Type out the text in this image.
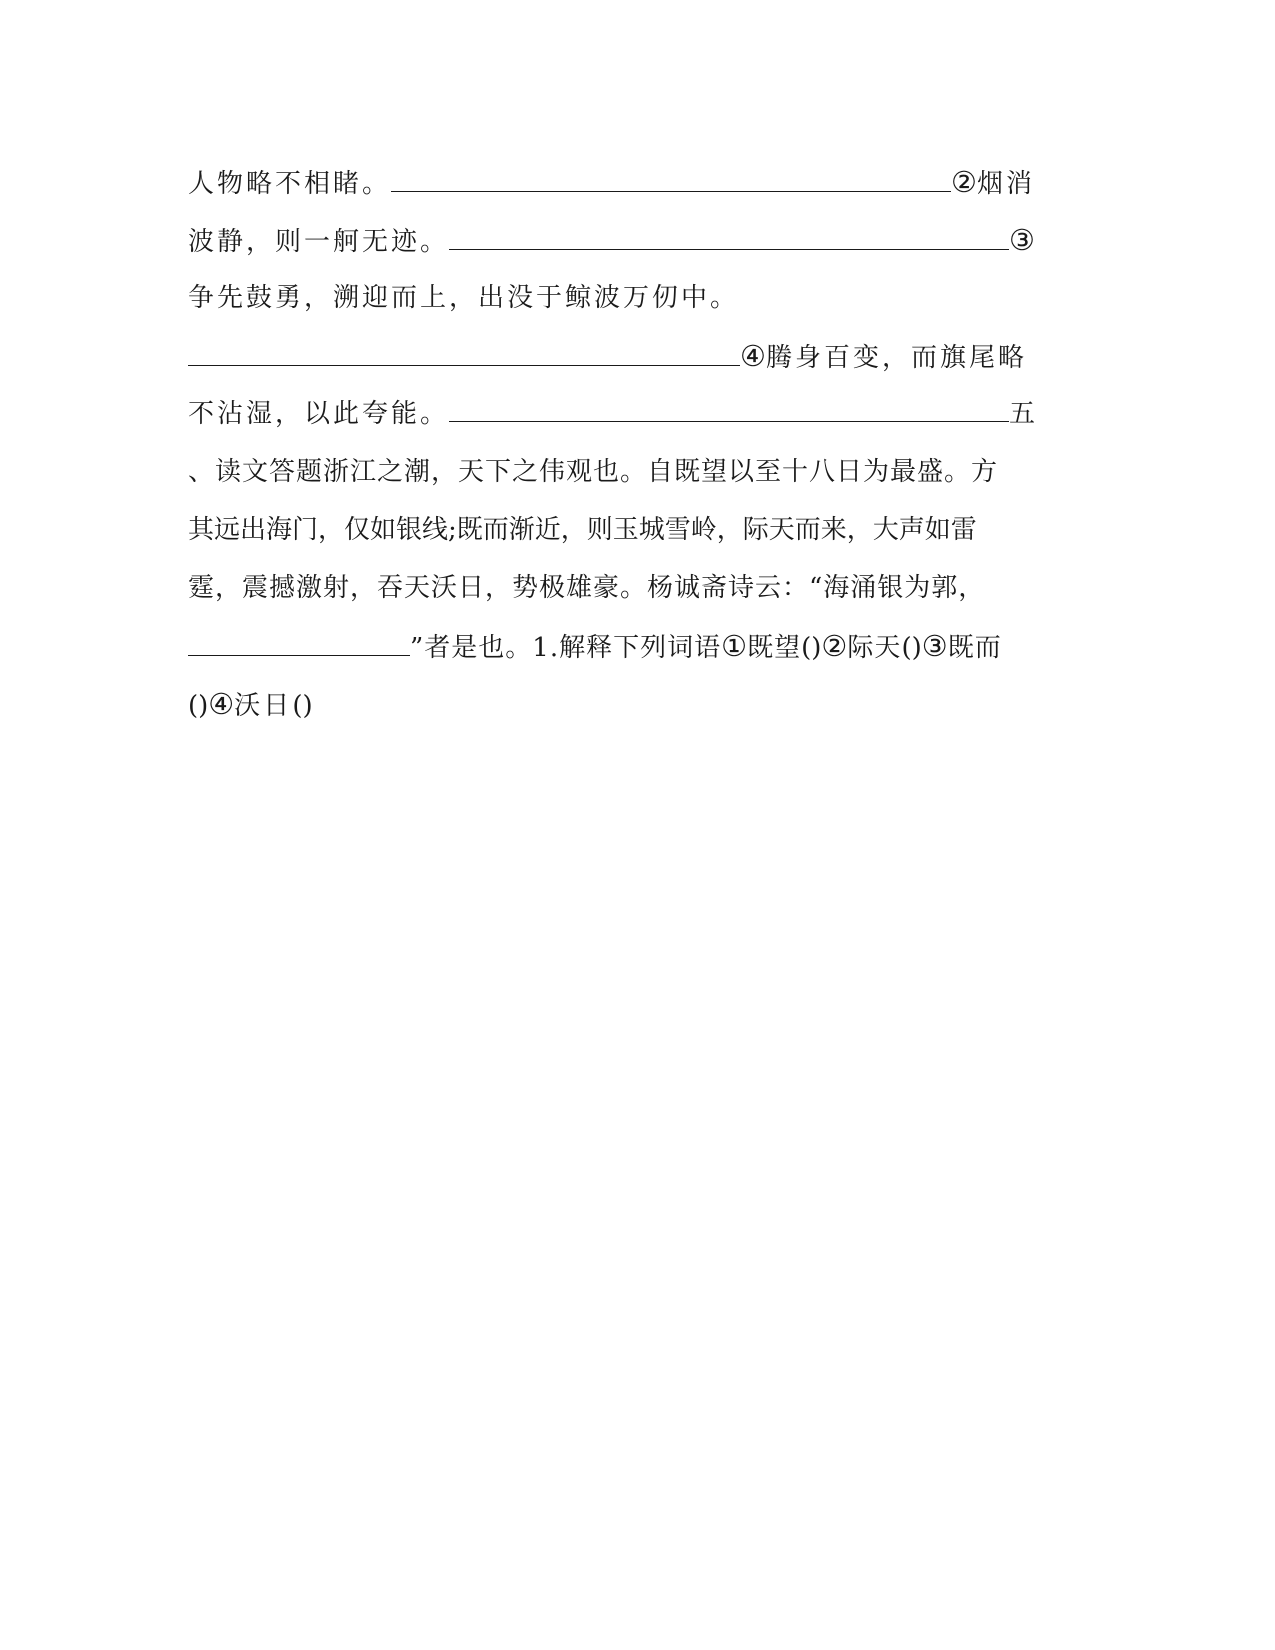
人物略不相睹。	②烟消
波静，则一舸无迹。	③
争先鼓勇，溯迎而上，出没于鲸波万仞中。
④腾身百变，而旗尾略
不沾湿，以此夸能。	五
、读文答题浙江之潮，天下之伟观也。自既望以至十八日为最盛。方
其远出海门，仅如银线;既而渐近，则玉城雪岭，际天而来，大声如雷
霆，震撼激射，吞天沃日，势极雄豪。杨诚斋诗云：“海涌银为郭，
”者是也。1.解释下列词语①既望()②际天()③既而
()④沃日()
